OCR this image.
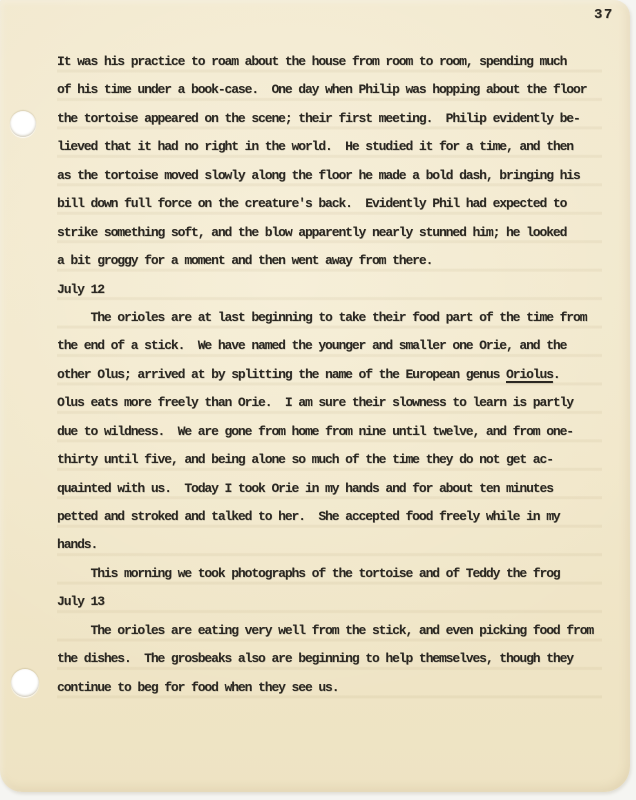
37
It was his practice to roam about the house from room to room, spending much
of his time under a book-case.  One day when Philip was hopping about the floor
the tortoise appeared on the scene; their first meeting.  Philip evidently be-
lieved that it had no right in the world.  He studied it for a time, and then
as the tortoise moved slowly along the floor he made a bold dash, bringing his
bill down full force on the creature's back.  Evidently Phil had expected to
strike something soft, and the blow apparently nearly stunned him; he looked
a bit groggy for a moment and then went away from there.
July 12
The orioles are at last beginning to take their food part of the time from
the end of a stick.  We have named the younger and smaller one Orie, and the
other Olus; arrived at by splitting the name of the European genus Oriolus.
Olus eats more freely than Orie.  I am sure their slowness to learn is partly
due to wildness.  We are gone from home from nine until twelve, and from one-
thirty until five, and being alone so much of the time they do not get ac-
quainted with us.  Today I took Orie in my hands and for about ten minutes
petted and stroked and talked to her.  She accepted food freely while in my
hands.
This morning we took photographs of the tortoise and of Teddy the frog
July 13
The orioles are eating very well from the stick, and even picking food from
the dishes.  The grosbeaks also are beginning to help themselves, though they
continue to beg for food when they see us.
